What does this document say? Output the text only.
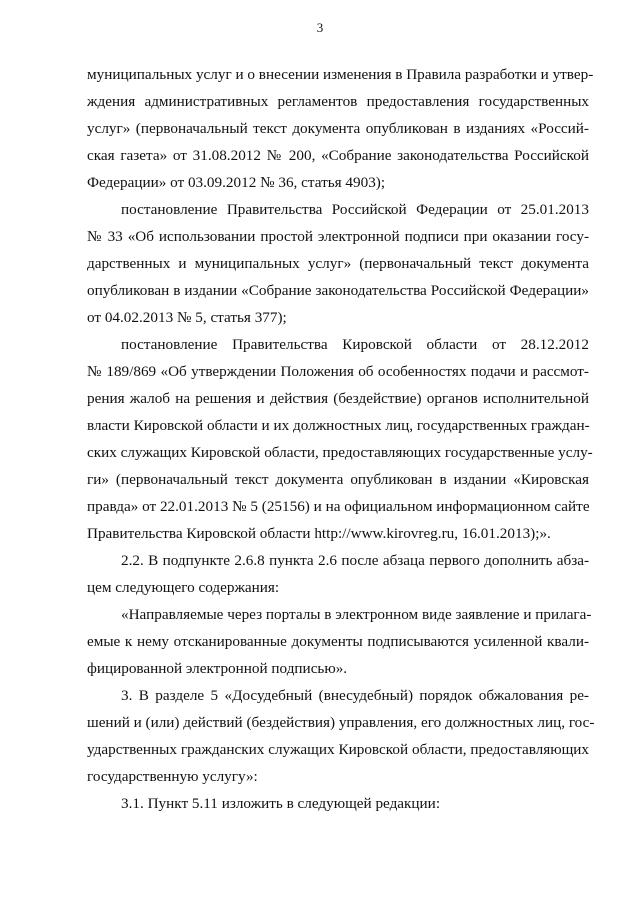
3
муниципальных услуг и о внесении изменения в Правила разработки и утвер-
ждения административных регламентов предоставления государственных
услуг» (первоначальный текст документа опубликован в изданиях «Россий-
ская газета» от 31.08.2012 № 200, «Собрание законодательства Российской
Федерации» от 03.09.2012 № 36, статья 4903);
постановление Правительства Российской Федерации от 25.01.2013
№ 33 «Об использовании простой электронной подписи при оказании госу-
дарственных и муниципальных услуг» (первоначальный текст документа
опубликован в издании «Собрание законодательства Российской Федерации»
от 04.02.2013 № 5, статья 377);
постановление Правительства Кировской области от 28.12.2012
№ 189/869 «Об утверждении Положения об особенностях подачи и рассмот-
рения жалоб на решения и действия (бездействие) органов исполнительной
власти Кировской области и их должностных лиц, государственных граждан-
ских служащих Кировской области, предоставляющих государственные услу-
ги» (первоначальный текст документа опубликован в издании «Кировская
правда» от 22.01.2013 № 5 (25156) и на официальном информационном сайте
Правительства Кировской области http://www.kirovreg.ru, 16.01.2013);».
2.2. В подпункте 2.6.8 пункта 2.6 после абзаца первого дополнить абза-
цем следующего содержания:
«Направляемые через порталы в электронном виде заявление и прилага-
емые к нему отсканированные документы подписываются усиленной квали-
фицированной электронной подписью».
3. В разделе 5 «Досудебный (внесудебный) порядок обжалования ре-
шений и (или) действий (бездействия) управления, его должностных лиц, гос-
ударственных гражданских служащих Кировской области, предоставляющих
государственную услугу»:
3.1. Пункт 5.11 изложить в следующей редакции:
